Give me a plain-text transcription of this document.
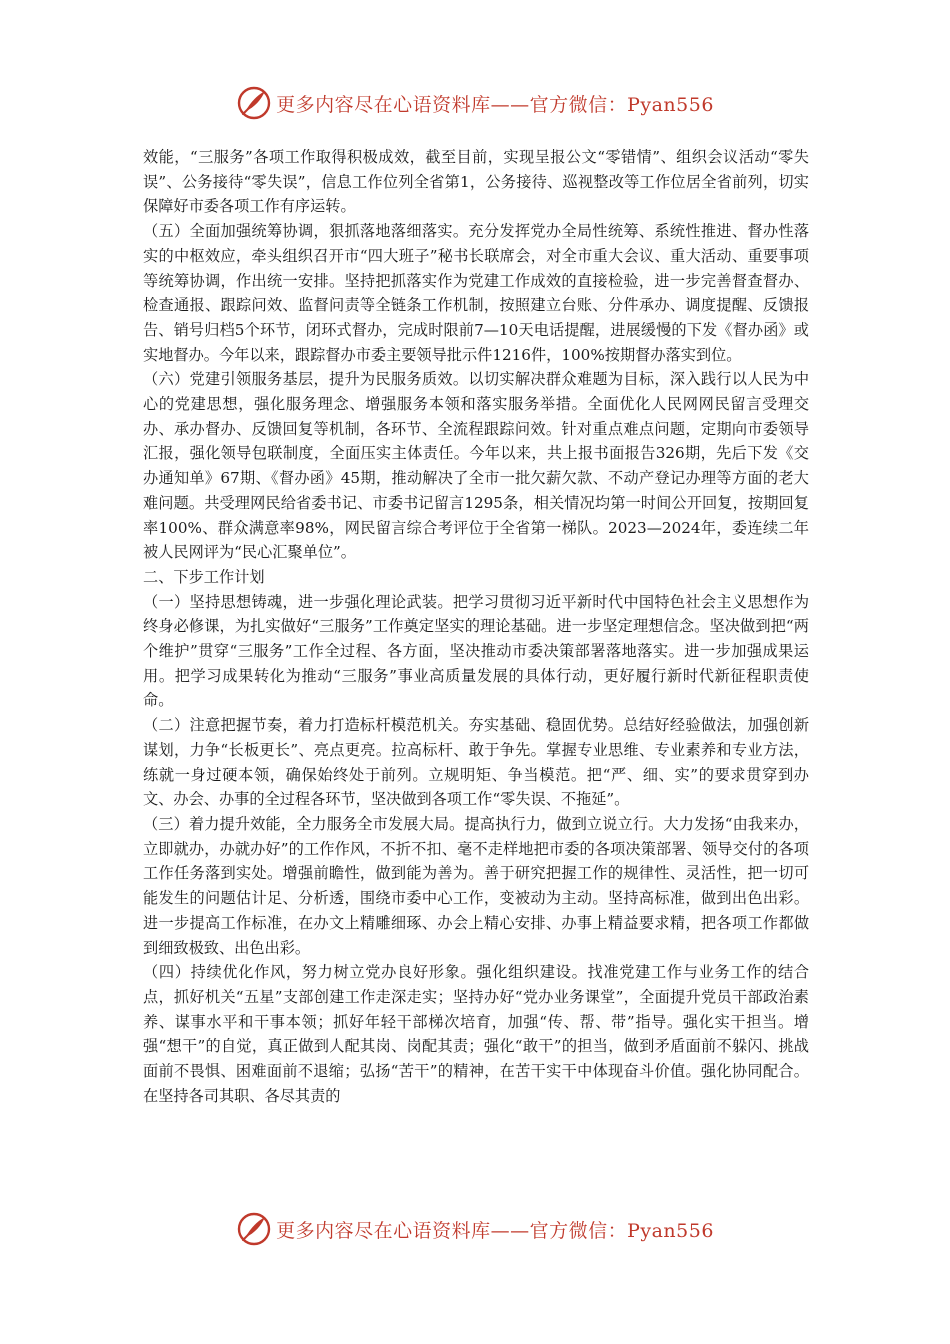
更多内容尽在心语资料库——官方微信：Pyan556

效能，“三服务”各项工作取得积极成效，截至目前，实现呈报公文“零错情”、组织会议活动“零失误”、公务接待“零失误”，信息工作位列全省第1，公务接待、巡视整改等工作位居全省前列，切实保障好市委各项工作有序运转。

（五）全面加强统筹协调，狠抓落地落细落实。充分发挥党办全局性统筹、系统性推进、督办性落实的中枢效应，牵头组织召开市“四大班子”秘书长联席会，对全市重大会议、重大活动、重要事项等统筹协调，作出统一安排。坚持把抓落实作为党建工作成效的直接检验，进一步完善督查督办、检查通报、跟踪问效、监督问责等全链条工作机制，按照建立台账、分件承办、调度提醒、反馈报告、销号归档5个环节，闭环式督办，完成时限前7—10天电话提醒，进展缓慢的下发《督办函》或实地督办。今年以来，跟踪督办市委主要领导批示件1216件，100%按期督办落实到位。

（六）党建引领服务基层，提升为民服务质效。以切实解决群众难题为目标，深入践行以人民为中心的党建思想，强化服务理念、增强服务本领和落实服务举措。全面优化人民网网民留言受理交办、承办督办、反馈回复等机制，各环节、全流程跟踪问效。针对重点难点问题，定期向市委领导汇报，强化领导包联制度，全面压实主体责任。今年以来，共上报书面报告326期，先后下发《交办通知单》67期、《督办函》45期，推动解决了全市一批欠薪欠款、不动产登记办理等方面的老大难问题。共受理网民给省委书记、市委书记留言1295条，相关情况均第一时间公开回复，按期回复率100%、群众满意率98%，网民留言综合考评位于全省第一梯队。2023—2024年，委连续二年被人民网评为“民心汇聚单位”。

二、下步工作计划

（一）坚持思想铸魂，进一步强化理论武装。把学习贯彻习近平新时代中国特色社会主义思想作为终身必修课，为扎实做好“三服务”工作奠定坚实的理论基础。进一步坚定理想信念。坚决做到把“两个维护”贯穿“三服务”工作全过程、各方面，坚决推动市委决策部署落地落实。进一步加强成果运用。把学习成果转化为推动“三服务”事业高质量发展的具体行动，更好履行新时代新征程职责使命。

（二）注意把握节奏，着力打造标杆模范机关。夯实基础、稳固优势。总结好经验做法，加强创新谋划，力争“长板更长”、亮点更亮。拉高标杆、敢于争先。掌握专业思维、专业素养和专业方法，练就一身过硬本领，确保始终处于前列。立规明矩、争当模范。把“严、细、实”的要求贯穿到办文、办会、办事的全过程各环节，坚决做到各项工作“零失误、不拖延”。

（三）着力提升效能，全力服务全市发展大局。提高执行力，做到立说立行。大力发扬“由我来办，立即就办，办就办好”的工作作风，不折不扣、毫不走样地把市委的各项决策部署、领导交付的各项工作任务落到实处。增强前瞻性，做到能为善为。善于研究把握工作的规律性、灵活性，把一切可能发生的问题估计足、分析透，围绕市委中心工作，变被动为主动。坚持高标准，做到出色出彩。进一步提高工作标准，在办文上精雕细琢、办会上精心安排、办事上精益要求精，把各项工作都做到细致极致、出色出彩。

（四）持续优化作风，努力树立党办良好形象。强化组织建设。找准党建工作与业务工作的结合点，抓好机关“五星”支部创建工作走深走实；坚持办好“党办业务课堂”，全面提升党员干部政治素养、谋事水平和干事本领；抓好年轻干部梯次培育，加强“传、帮、带”指导。强化实干担当。增强“想干”的自觉，真正做到人配其岗、岗配其责；强化“敢干”的担当，做到矛盾面前不躲闪、挑战面前不畏惧、困难面前不退缩；弘扬“苦干”的精神，在苦干实干中体现奋斗价值。强化协同配合。在坚持各司其职、各尽其责的

更多内容尽在心语资料库——官方微信：Pyan556
